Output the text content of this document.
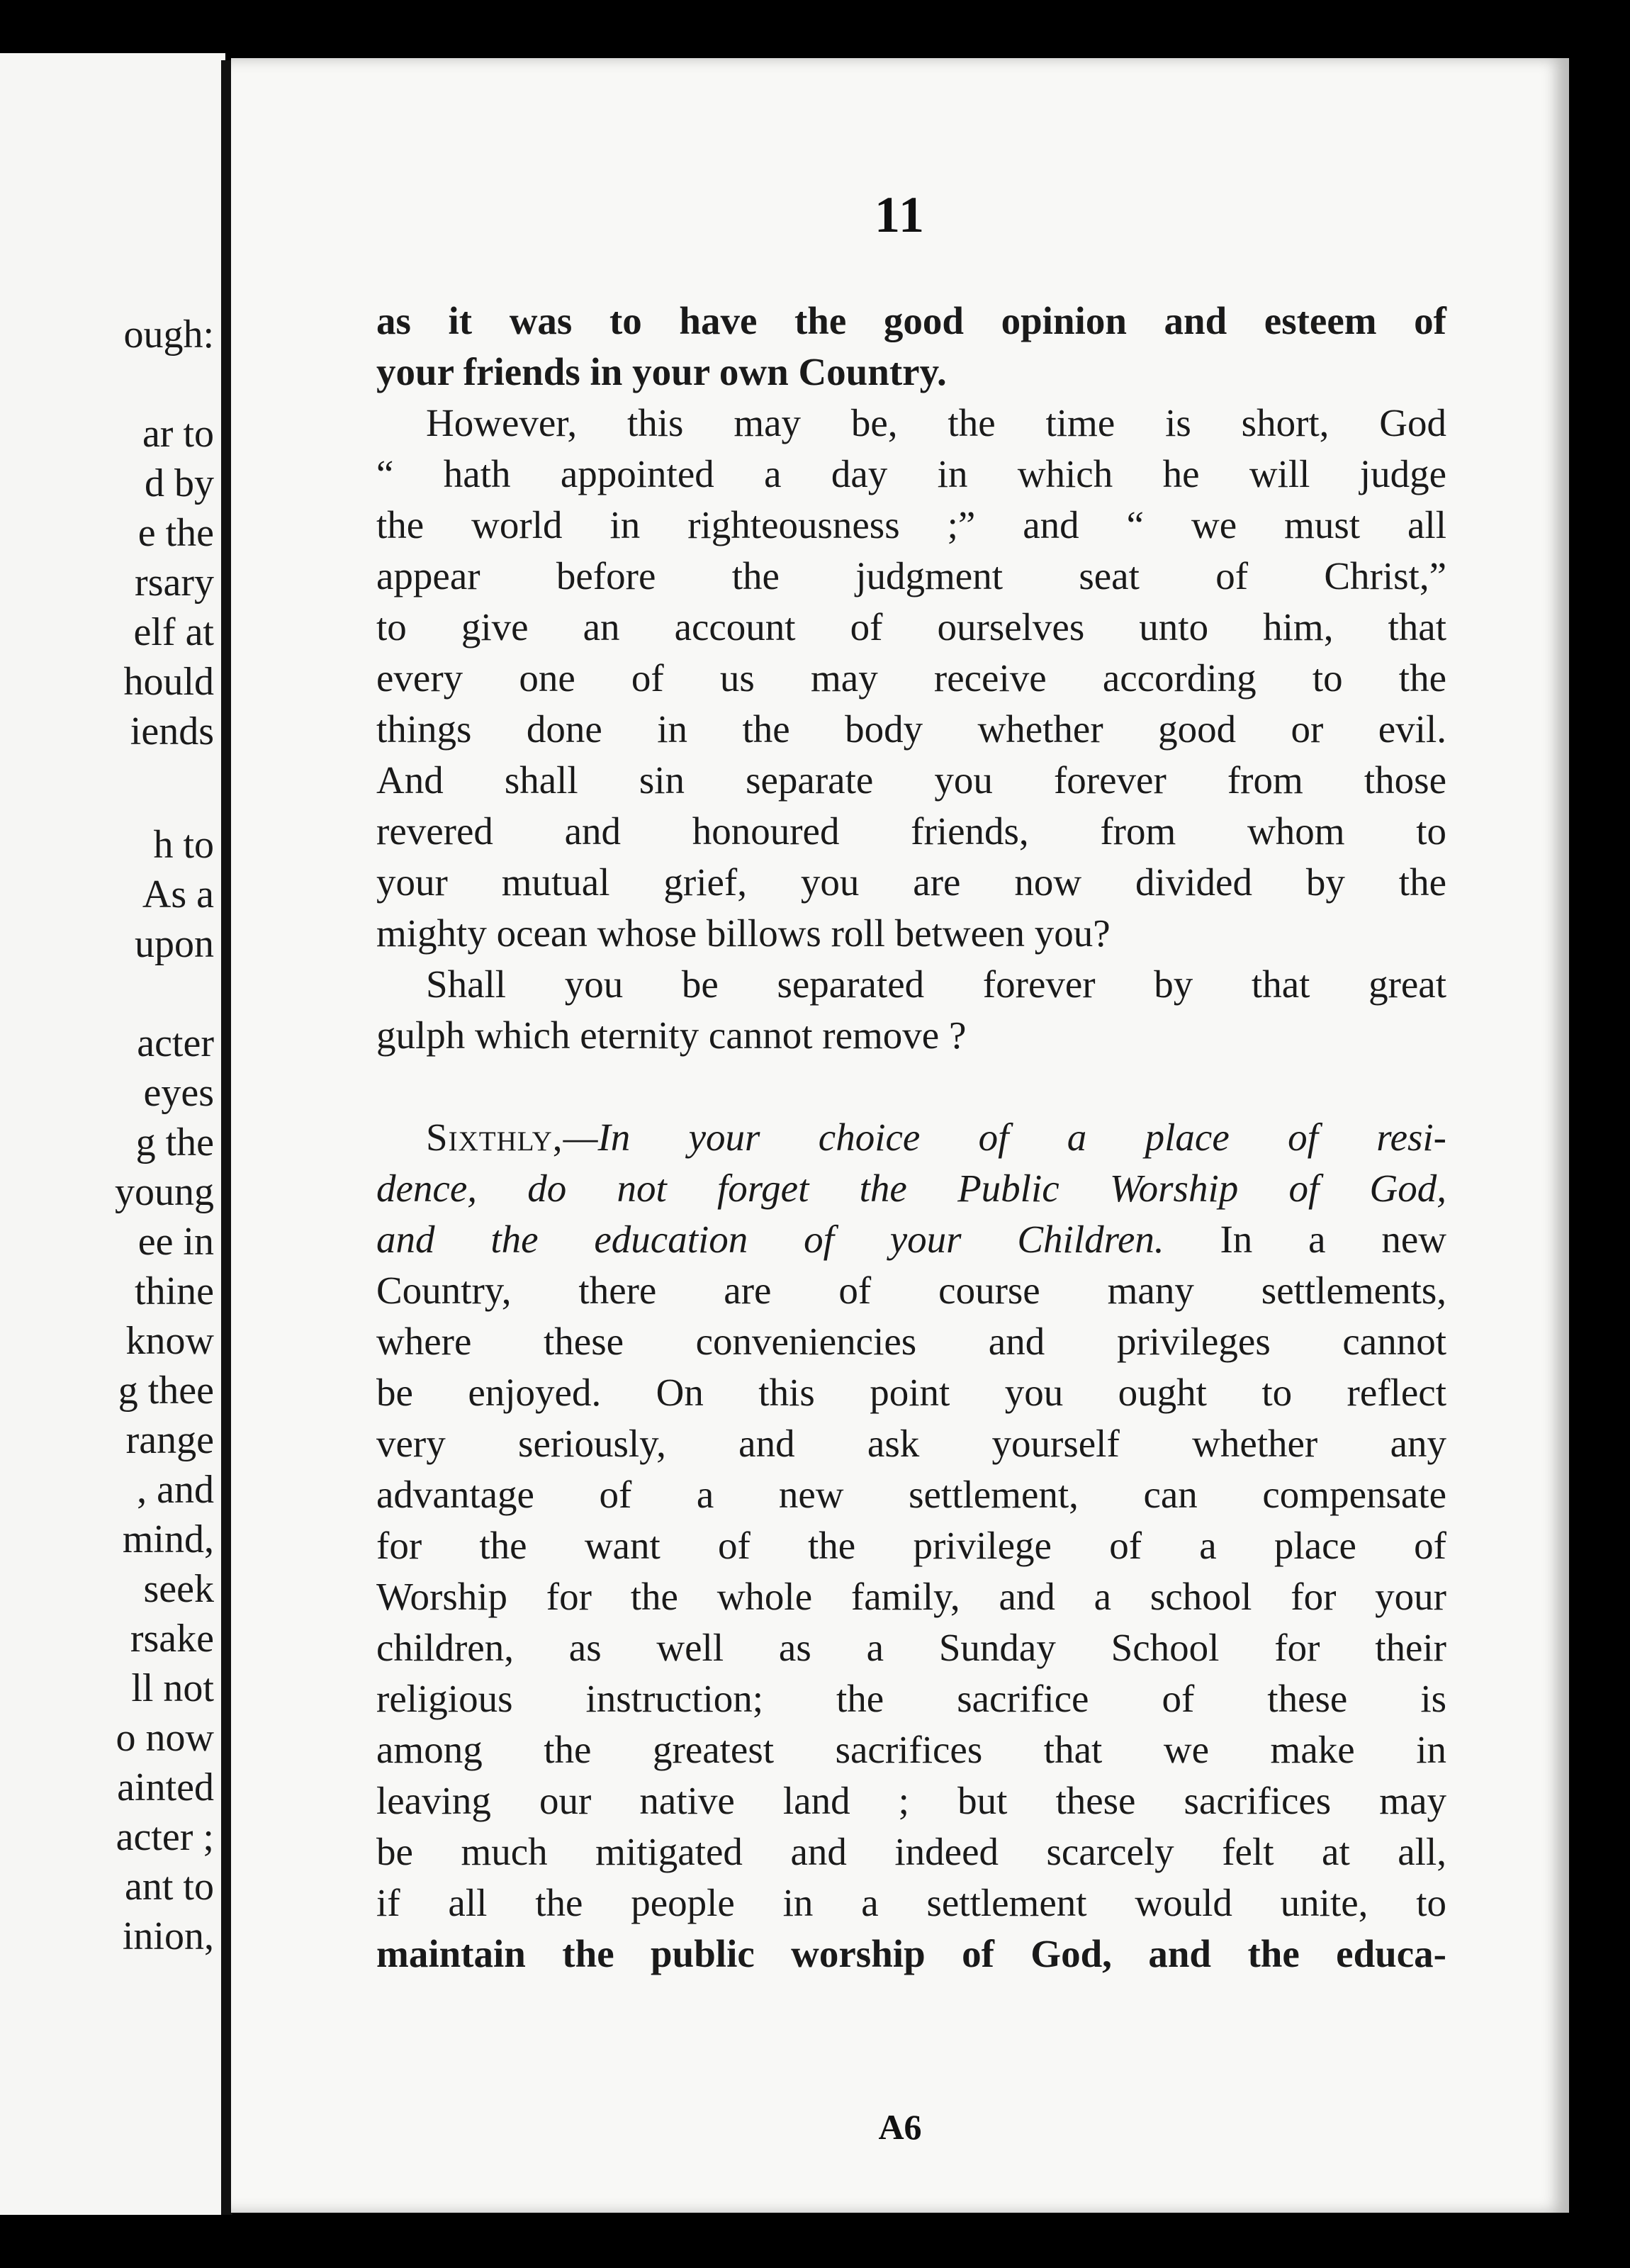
ough:
ar to
d by
e the
rsary
elf at
hould
iends
h to
As a
upon
acter
eyes
g the
young
ee in
thine
know
g thee
range
, and
mind,
seek
rsake
ll not
o now
ainted
acter ;
ant to
inion,
11
as it was to have the good opinion and esteem of
your friends in your own Country.
However, this may be, the time is short, God
“ hath appointed a day in which he will judge
the world in righteousness ;” and “ we must all
appear before the judgment seat of Christ,”
to give an account of ourselves unto him, that
every one of us may receive according to the
things done in the body whether good or evil.
And shall sin separate you forever from those
revered and honoured friends, from whom to
your mutual grief, you are now divided by the
mighty ocean whose billows roll between you?
Shall you be separated forever by that great
gulph which eternity cannot remove ?
Sixthly,—In your choice of a place of resi-
dence, do not forget the Public Worship of God,
and the education of your Children. In a new
Country, there are of course many settlements,
where these conveniencies and privileges cannot
be enjoyed. On this point you ought to reflect
very seriously, and ask yourself whether any
advantage of a new settlement, can compensate
for the want of the privilege of a place of
Worship for the whole family, and a school for your
children, as well as a Sunday School for their
religious instruction; the sacrifice of these is
among the greatest sacrifices that we make in
leaving our native land ; but these sacrifices may
be much mitigated and indeed scarcely felt at all,
if all the people in a settlement would unite, to
maintain the public worship of God, and the educa-
A6
